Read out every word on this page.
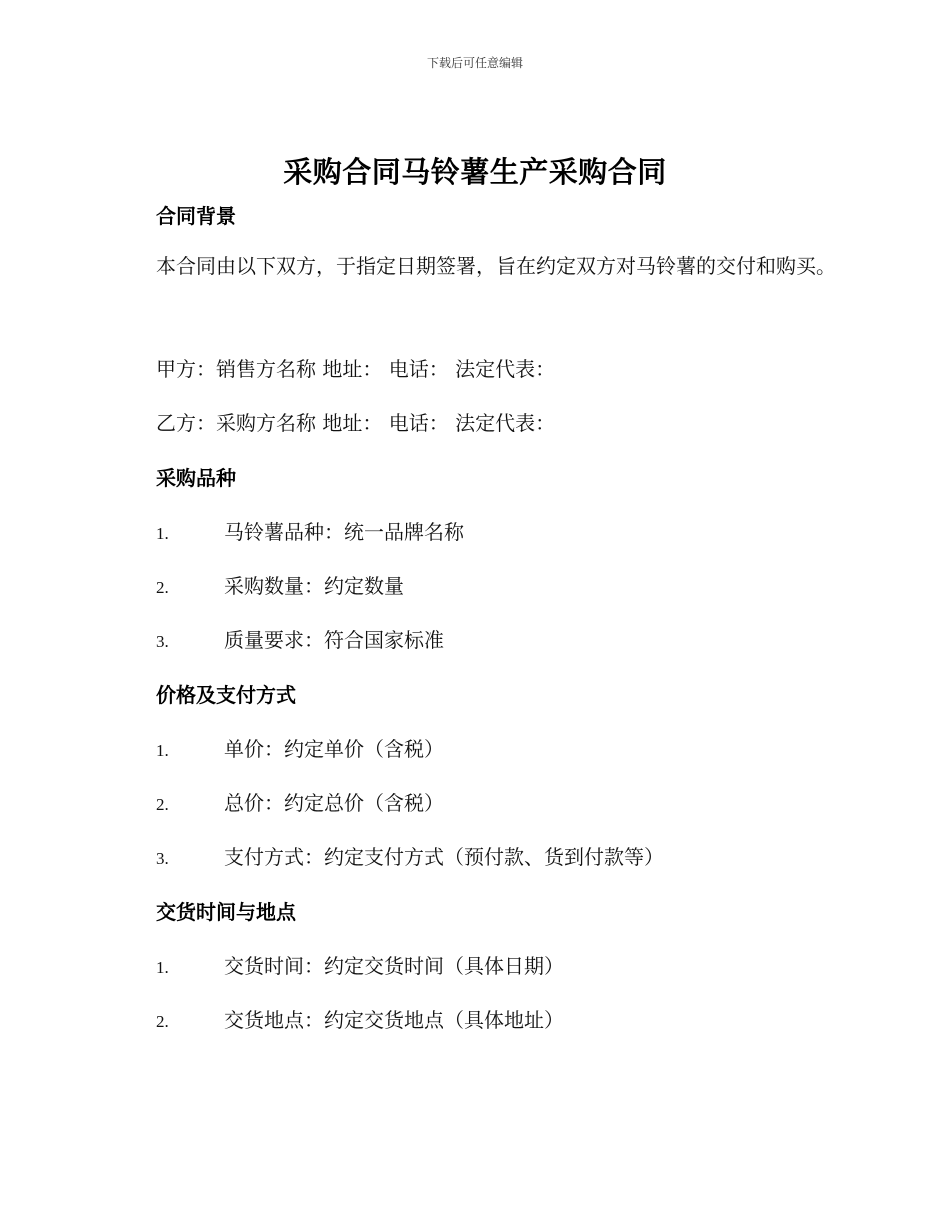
下载后可任意编辑
采购合同马铃薯生产采购合同
合同背景
本合同由以下双方，于指定日期签署，旨在约定双方对马铃薯的交付和购买。
甲方：销售方名称 地址： 电话： 法定代表：
乙方：采购方名称 地址： 电话： 法定代表：
采购品种
1.	马铃薯品种：统一品牌名称
2.	采购数量：约定数量
3.	质量要求：符合国家标准
价格及支付方式
1.	单价：约定单价（含税）
2.	总价：约定总价（含税）
3.	支付方式：约定支付方式（预付款、货到付款等）
交货时间与地点
1.	交货时间：约定交货时间（具体日期）
2.	交货地点：约定交货地点（具体地址）
